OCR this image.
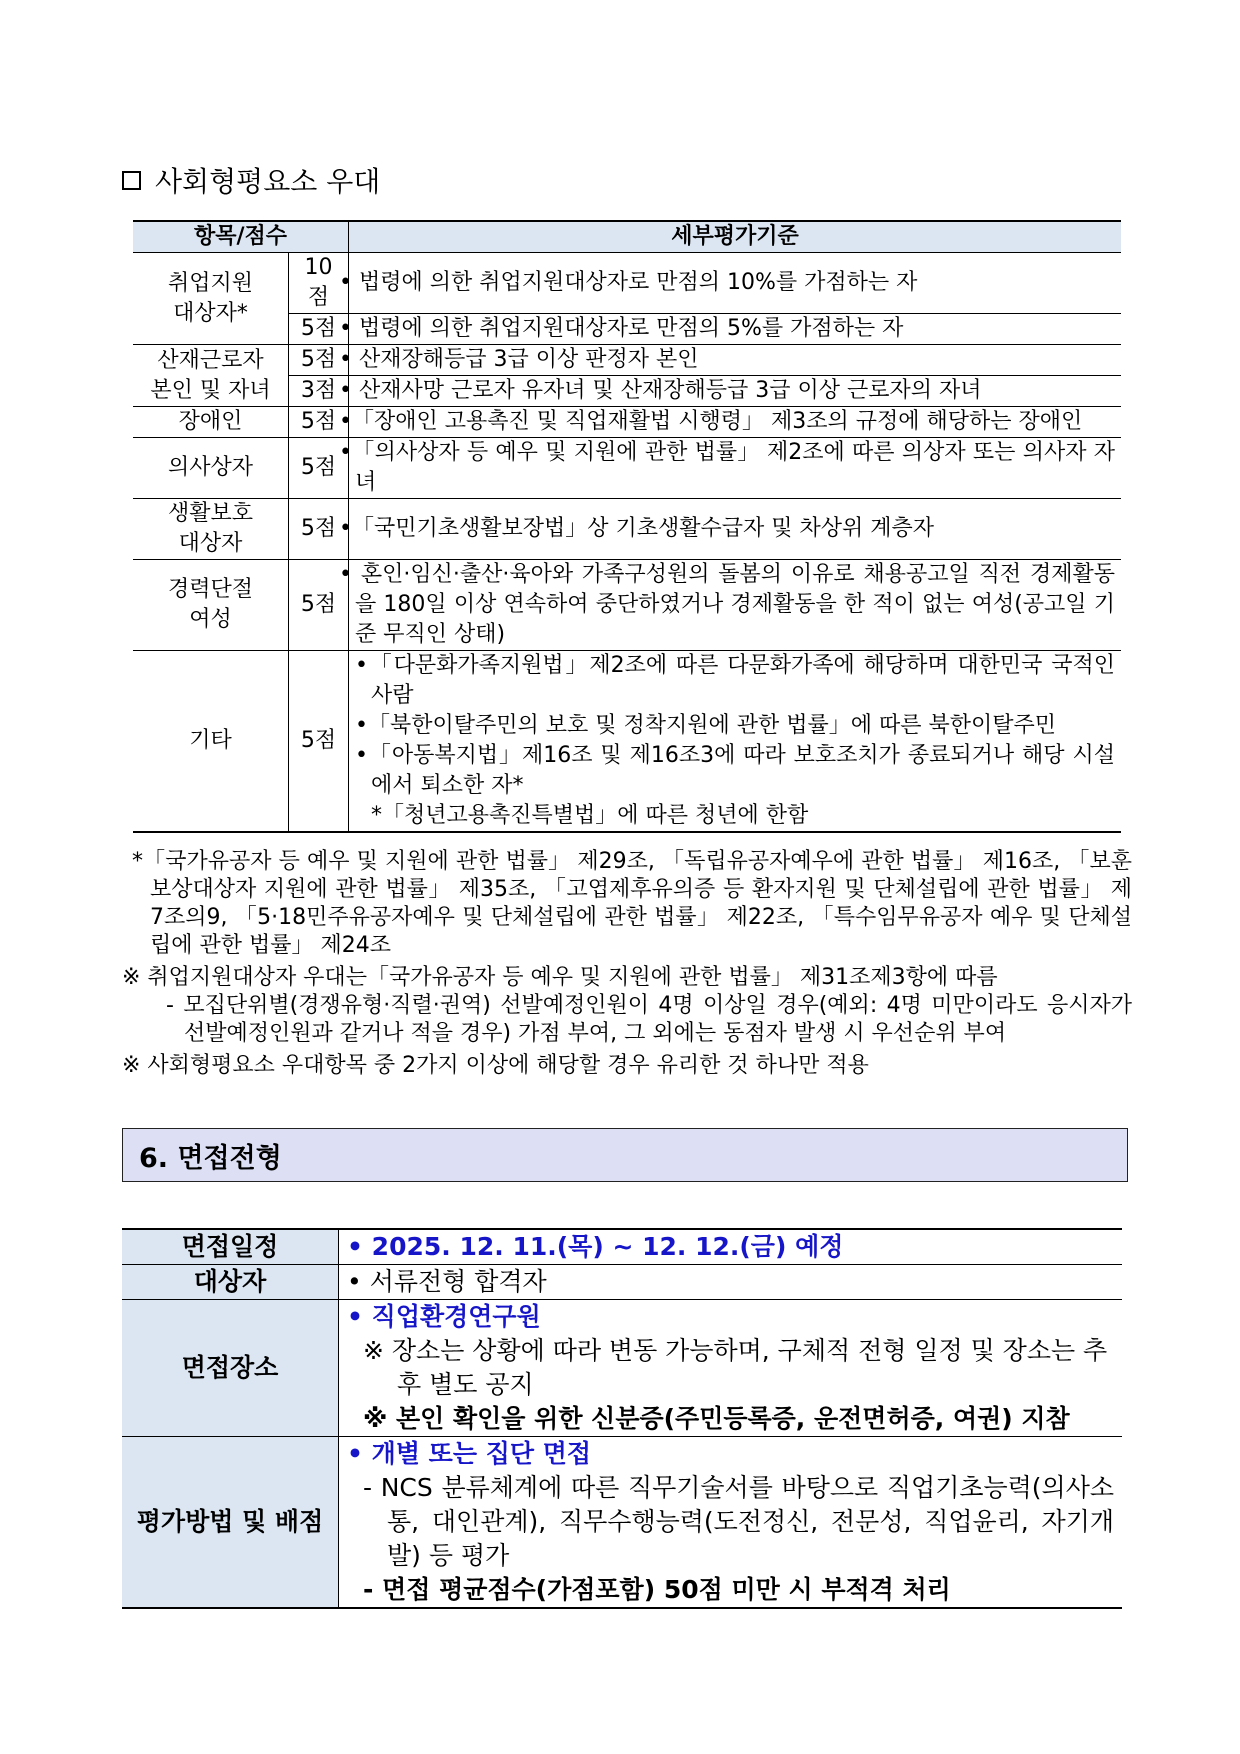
사회형평요소 우대
항목/점수		세부평가기준

취업지원
대상자*	10점	• 법령에 의한 취업지원대상자로 만점의 10%를 가점하는 자
	5점	• 법령에 의한 취업지원대상자로 만점의 5%를 가점하는 자

산재근로자
본인 및 자녀	5점	• 산재장해등급 3급 이상 판정자 본인
	3점	• 산재사망 근로자 유자녀 및 산재장해등급 3급 이상 근로자의 자녀
장애인	5점	•「장애인 고용촉진 및 직업재활법 시행령」 제3조의 규정에 해당하는 장애인
의사상자	5점	•「의사상자 등 예우 및 지원에 관한 법률」 제2조에 따른 의상자 또는 의사자 자녀

생활보호
대상자	5점	•「국민기초생활보장법」상 기초생활수급자 및 차상위 계층자

경력단절
여성	5점	• 혼인·임신·출산·육아와 가족구성원의 돌봄의 이유로 채용공고일 직전 경제활동을 180일 이상 연속하여 중단하였거나 경제활동을 한 적이 없는 여성(공고일 기준 무직인 상태)
기타	5점	•「다문화가족지원법」제2조에 따른 다문화가족에 해당하며 대한민국 국적인 사람
•「북한이탈주민의 보호 및 정착지원에 관한 법률」에 따른 북한이탈주민
•「아동복지법」제16조 및 제16조3에 따라 보호조치가 종료되거나 해당 시설에서 퇴소한 자*
*「청년고용촉진특별법」에 따른 청년에 한함

*「국가유공자 등 예우 및 지원에 관한 법률」 제29조, 「독립유공자예우에 관한 법률」 제16조, 「보훈보상대상자 지원에 관한 법률」 제35조, 「고엽제후유의증 등 환자지원 및 단체설립에 관한 법률」 제7조의9, 「5·18민주유공자예우 및 단체설립에 관한 법률」 제22조, 「특수임무유공자 예우 및 단체설립에 관한 법률」 제24조

※ 취업지원대상자 우대는「국가유공자 등 예우 및 지원에 관한 법률」 제31조제3항에 따름

- 모집단위별(경쟁유형·직렬·권역) 선발예정인원이 4명 이상일 경우(예외: 4명 미만이라도 응시자가 선발예정인원과 같거나 적을 경우) 가점 부여, 그 외에는 동점자 발생 시 우선순위 부여

※ 사회형평요소 우대항목 중 2가지 이상에 해당할 경우 유리한 것 하나만 적용

6. 면접전형
면접일정	• 2025. 12. 11.(목) ~ 12. 12.(금) 예정
대상자	• 서류전형 합격자
면접장소	• 직업환경연구원

※ 장소는 상황에 따라 변동 가능하며, 구체적 전형 일정 및 장소는 추후 별도 공지

※ 본인 확인을 위한 신분증(주민등록증, 운전면허증, 여권) 지참

평가방법 및 배점	• 개별 또는 집단 면접

- NCS 분류체계에 따른 직무기술서를 바탕으로 직업기초능력(의사소통, 대인관계), 직무수행능력(도전정신, 전문성, 직업윤리, 자기개발) 등 평가

- 면접 평균점수(가점포함) 50점 미만 시 부적격 처리
